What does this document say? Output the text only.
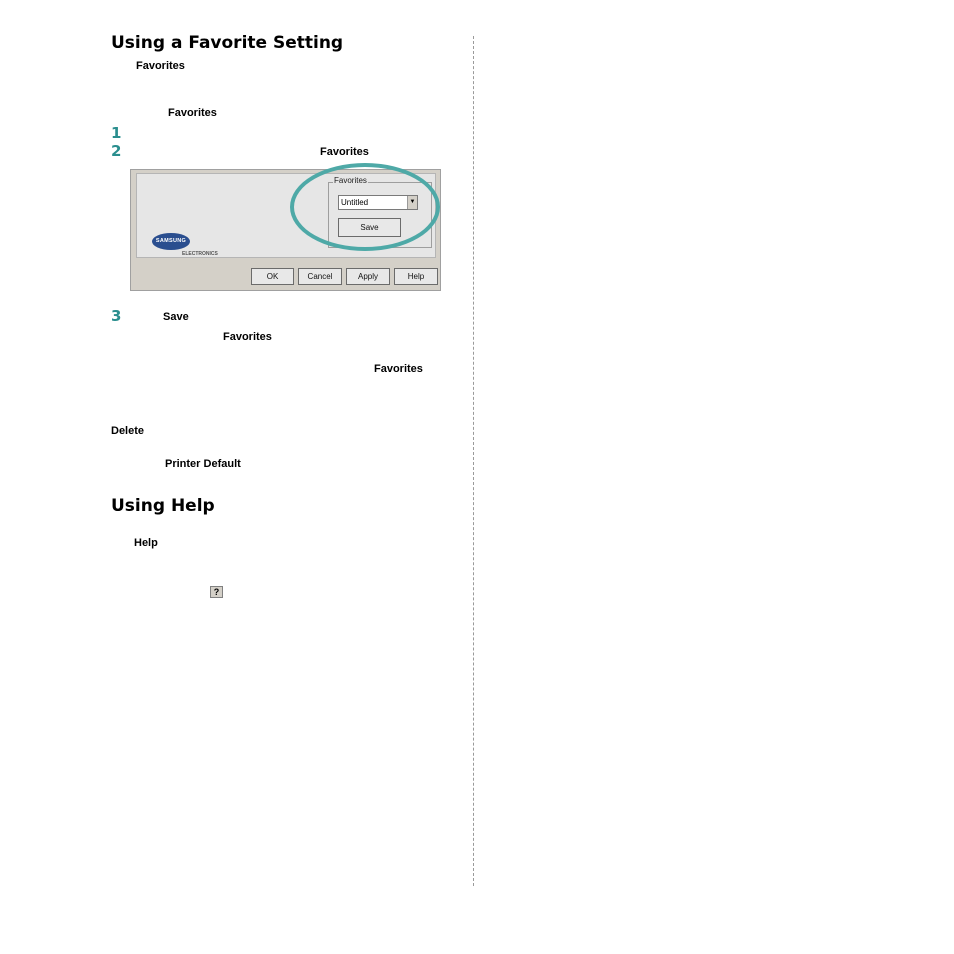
Using a Favorite Setting
Favorites
Favorites
1
2	Favorites
SAMSUNG
ELECTRONICS
Favorites
Untitled	▼
Save
OK	Cancel	Apply	Help
3	Save
Favorites
Favorites
Delete
Printer Default
Using Help
Help
?
